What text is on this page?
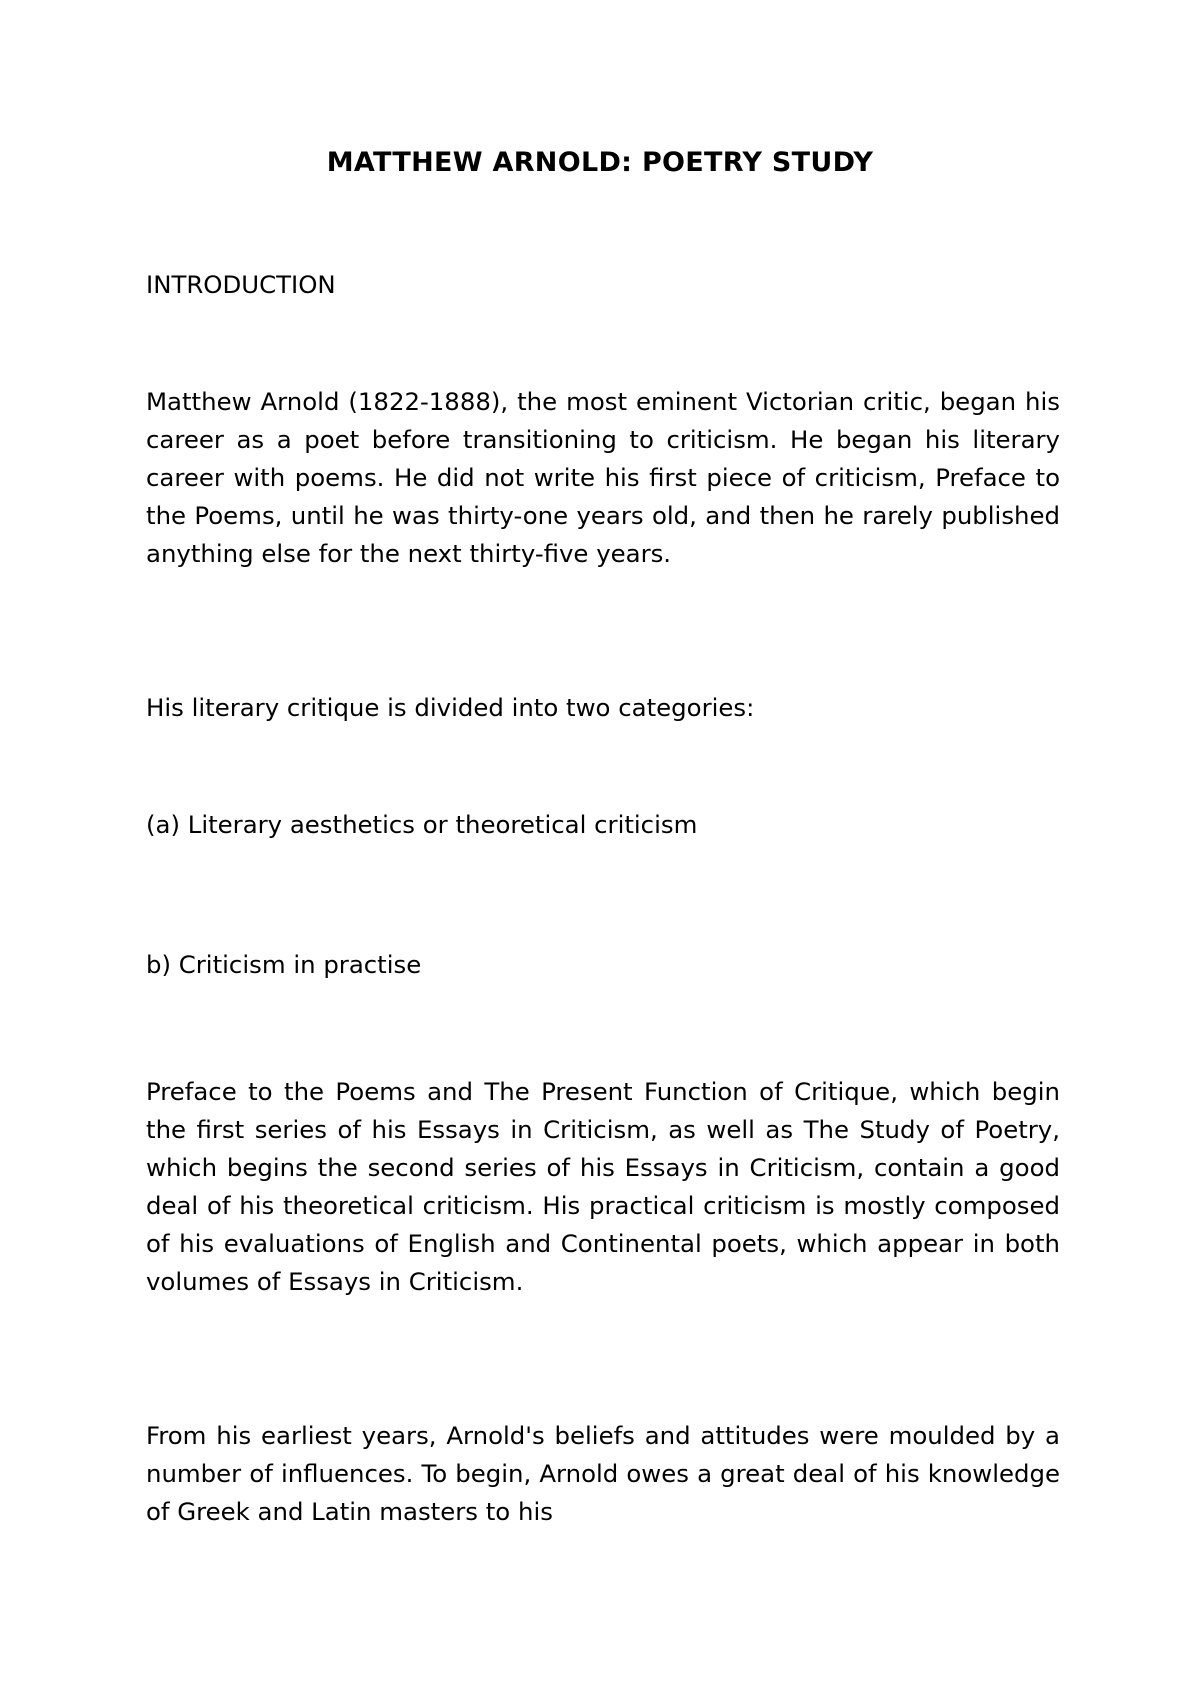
MATTHEW ARNOLD: POETRY STUDY

INTRODUCTION

Matthew Arnold (1822-1888), the most eminent Victorian critic, began his career as a poet before transitioning to criticism. He began his literary career with poems. He did not write his first piece of criticism, Preface to the Poems, until he was thirty-one years old, and then he rarely published anything else for the next thirty-five years.

His literary critique is divided into two categories:

(a) Literary aesthetics or theoretical criticism

b) Criticism in practise

Preface to the Poems and The Present Function of Critique, which begin the first series of his Essays in Criticism, as well as The Study of Poetry, which begins the second series of his Essays in Criticism, contain a good deal of his theoretical criticism. His practical criticism is mostly composed of his evaluations of English and Continental poets, which appear in both volumes of Essays in Criticism.

From his earliest years, Arnold's beliefs and attitudes were moulded by a number of influences. To begin, Arnold owes a great deal of his knowledge of Greek and Latin masters to his
